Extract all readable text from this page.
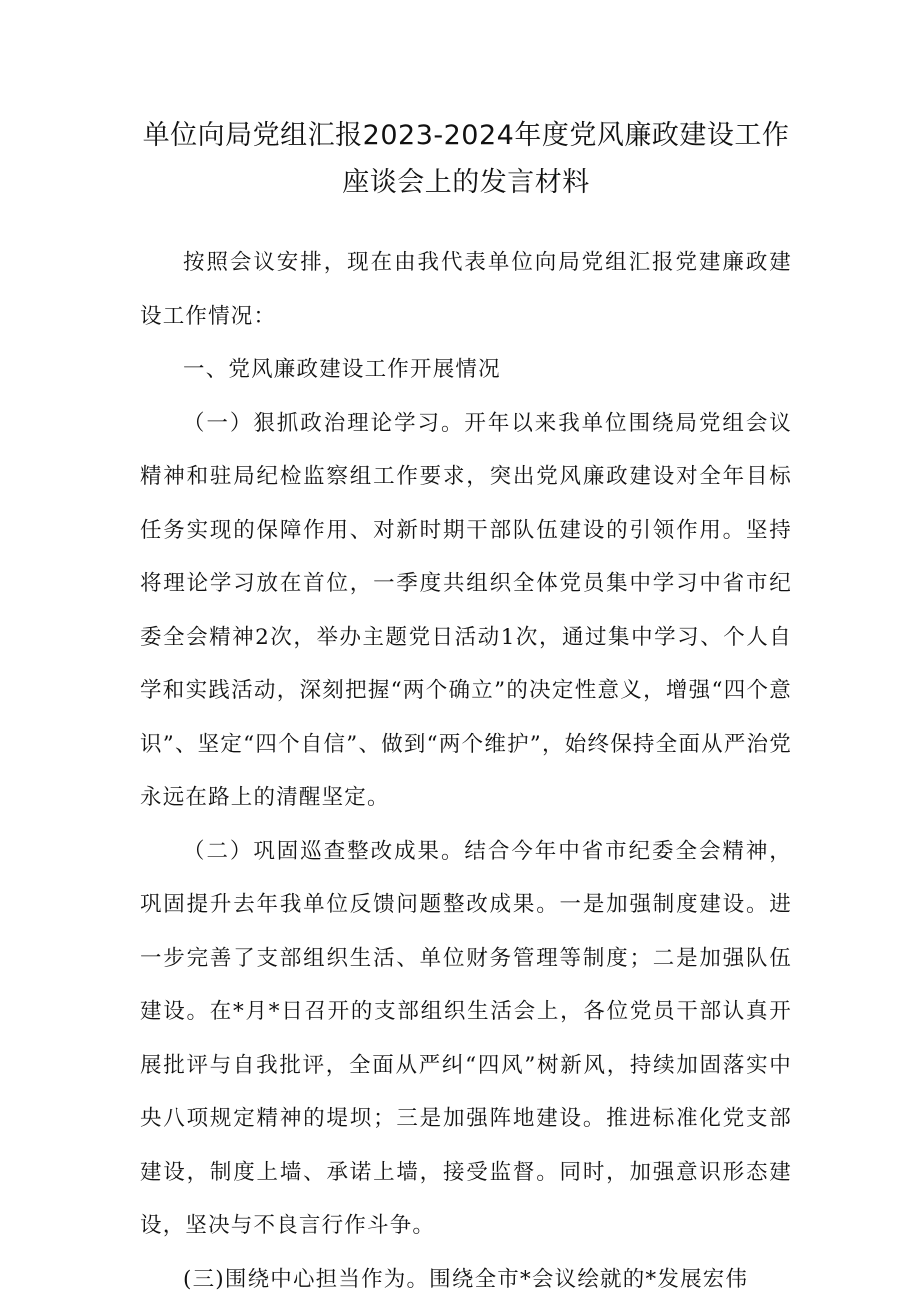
单位向局党组汇报2023-2024年度党风廉政建设工作
座谈会上的发言材料

按照会议安排，现在由我代表单位向局党组汇报党建廉政建设工作情况：

一、党风廉政建设工作开展情况

（一）狠抓政治理论学习。开年以来我单位围绕局党组会议精神和驻局纪检监察组工作要求，突出党风廉政建设对全年目标任务实现的保障作用、对新时期干部队伍建设的引领作用。坚持将理论学习放在首位，一季度共组织全体党员集中学习中省市纪委全会精神2次，举办主题党日活动1次，通过集中学习、个人自学和实践活动，深刻把握“两个确立”的决定性意义，增强“四个意识”、坚定“四个自信”、做到“两个维护”，始终保持全面从严治党永远在路上的清醒坚定。

（二）巩固巡查整改成果。结合今年中省市纪委全会精神，巩固提升去年我单位反馈问题整改成果。一是加强制度建设。进一步完善了支部组织生活、单位财务管理等制度；二是加强队伍建设。在*月*日召开的支部组织生活会上，各位党员干部认真开展批评与自我批评，全面从严纠“四风”树新风，持续加固落实中央八项规定精神的堤坝；三是加强阵地建设。推进标准化党支部建设，制度上墙、承诺上墙，接受监督。同时，加强意识形态建设，坚决与不良言行作斗争。

(三)围绕中心担当作为。围绕全市*会议绘就的*发展宏伟
